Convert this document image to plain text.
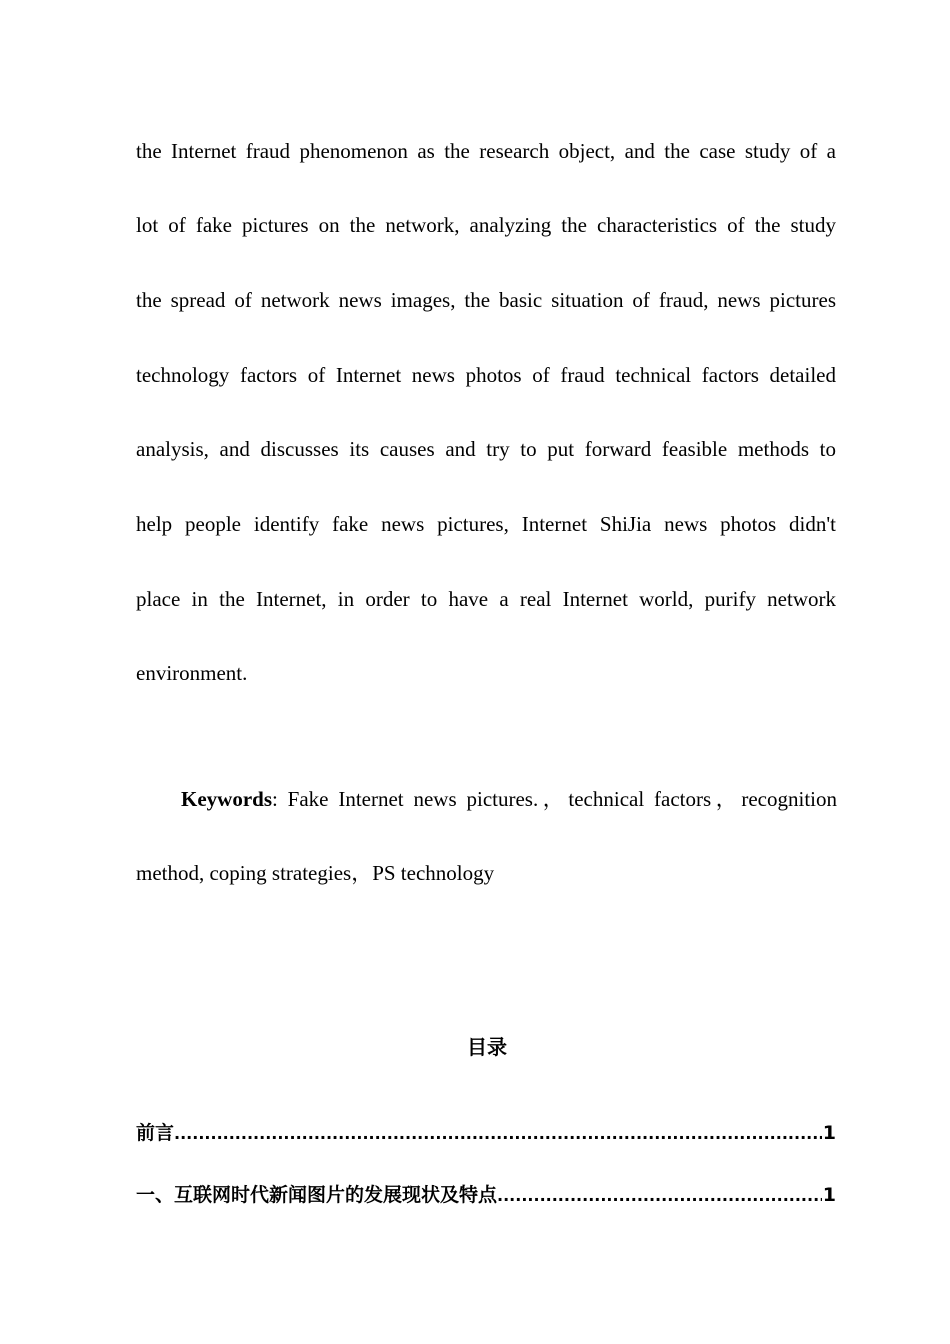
the Internet fraud phenomenon as the research object, and the case study of a
lot of fake pictures on the network, analyzing the characteristics of the study
the spread of network news images, the basic situation of fraud, news pictures
technology factors of Internet news photos of fraud technical factors detailed
analysis, and discusses its causes and try to put forward feasible methods to
help people identify fake news pictures, Internet ShiJia news photos didn't
place in the Internet, in order to have a real Internet world, purify network
environment.
Keywords: Fake Internet news pictures.，technical factors，recognition
method, coping strategies，PS technology
目录
前言 .....	1
一、互联网时代新闻图片的发展现状及特点 .....	1
